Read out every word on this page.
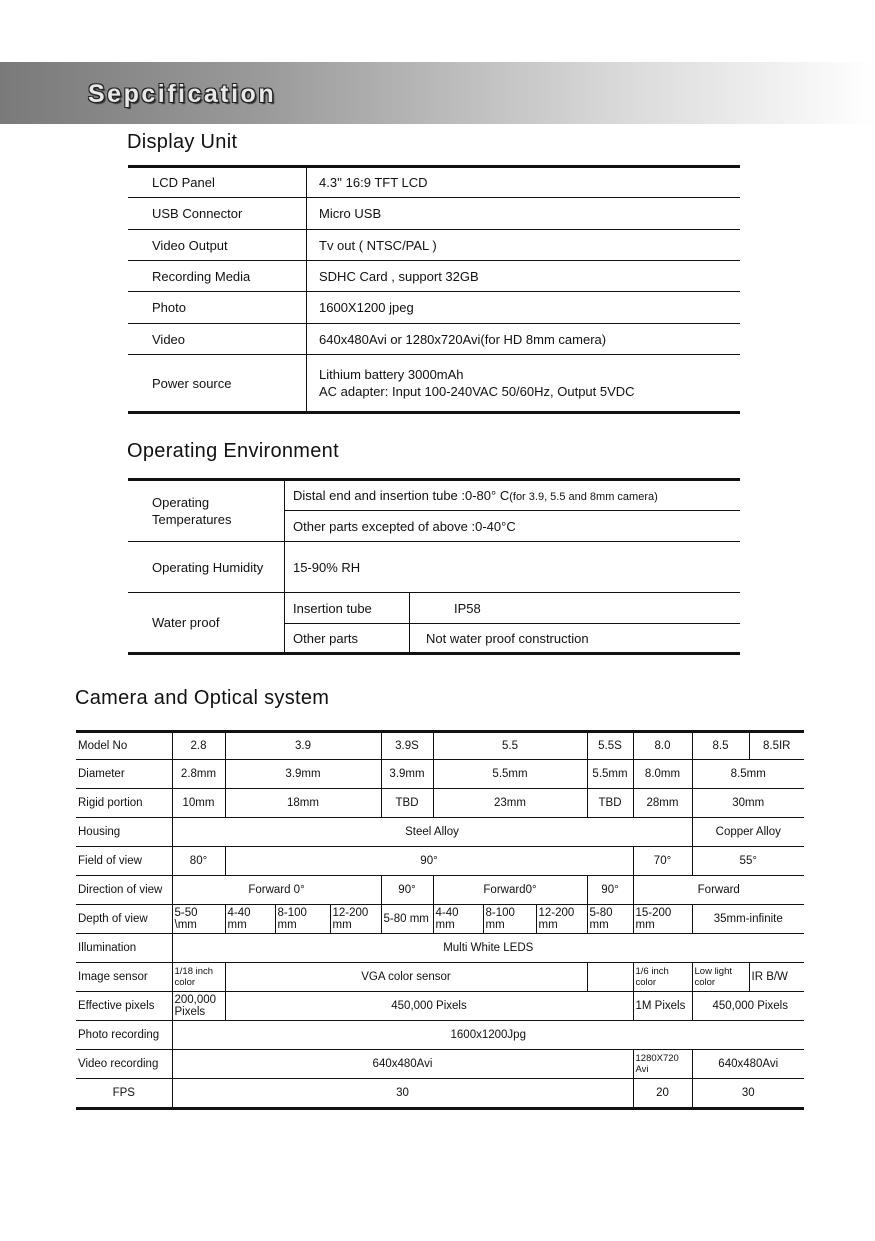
Sepcification
Display Unit
LCD Panel	4.3'' 16:9 TFT LCD
USB Connector	Micro USB
Video Output	Tv out ( NTSC/PAL )
Recording Media	SDHC Card , support 32GB
Photo	1600X1200 jpeg
Video	640x480Avi or 1280x720Avi(for HD 8mm camera)
Power source	Lithium battery 3000mAh
AC adapter: Input 100-240VAC 50/60Hz, Output 5VDC
Operating Environment
Operating Temperatures	Distal end and insertion tube :0-80° C(for 3.9, 5.5 and 8mm camera)	
	Other parts excepted of above :0-40°C	
Operating Humidity	15-90% RH	
Water proof	Insertion tube	IP58
	Other parts	Not water proof construction
Camera and Optical system
Model No	2.8	3.9			3.9S	5.5			5.5S	8.0	8.5	8.5IR
Diameter	2.8mm	3.9mm			3.9mm	5.5mm			5.5mm	8.0mm	8.5mm	
Rigid portion	10mm	18mm			TBD	23mm			TBD	28mm	30mm	
Housing	Steel Alloy										Copper Alloy	
Field of view	80°	90°								70°	55°	
Direction of view	Forward 0°				90°	Forward0°			90°	Forward		
Depth of view	5-50 \mm	4-40 mm	8-100 mm	12-200 mm	5-80 mm	4-40 mm	8-100 mm	12-200 mm	5-80 mm	15-200 mm	35mm-infinite	
Illumination	Multi White LEDS											
Image sensor	1/18 inch color	VGA color sensor								1/6 inch color	Low light color	IR B/W
Effective pixels	200,000 Pixels	450,000 Pixels								1M Pixels	450,000 Pixels	
Photo recording	1600x1200Jpg											
Video recording	640x480Avi									1280X720 Avi	640x480Avi	
FPS	30									20	30	
